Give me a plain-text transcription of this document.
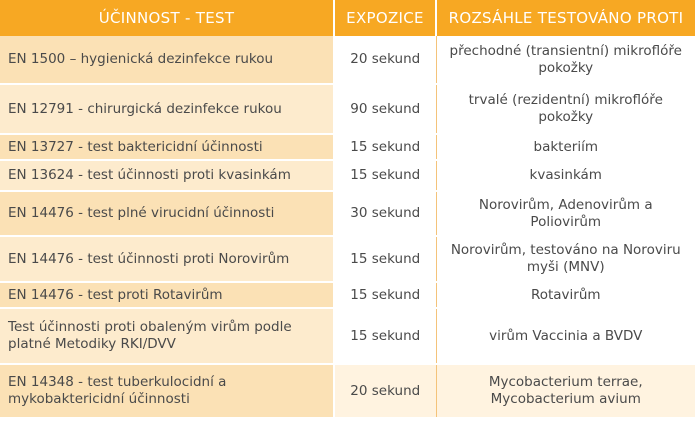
ÚČINNOST - TEST	EXPOZICE	ROZSÁHLE TESTOVÁNO PROTI
EN 1500 – hygienická dezinfekce rukou	20 sekund	přechodné (transientní) mikroflóře pokožky
EN 12791 - chirurgická dezinfekce rukou	90 sekund	trvalé (rezidentní) mikroflóře pokožky
EN 13727 - test baktericidní účinnosti	15 sekund	bakteriím
EN 13624 - test účinnosti proti kvasinkám	15 sekund	kvasinkám
EN 14476 - test plné virucidní účinnosti	30 sekund	Norovirům, Adenovirům a Poliovirům
EN 14476 - test účinnosti proti Norovirům	15 sekund	Norovirům, testováno na Noroviru myši (MNV)
EN 14476 - test proti Rotavirům	15 sekund	Rotavirům
Test účinnosti proti obaleným virům podle platné Metodiky RKI/DVV	15 sekund	virům Vaccinia a BVDV
EN 14348 - test tuberkulocidní a mykobaktericidní účinnosti	20 sekund	Mycobacterium terrae, Mycobacterium avium
